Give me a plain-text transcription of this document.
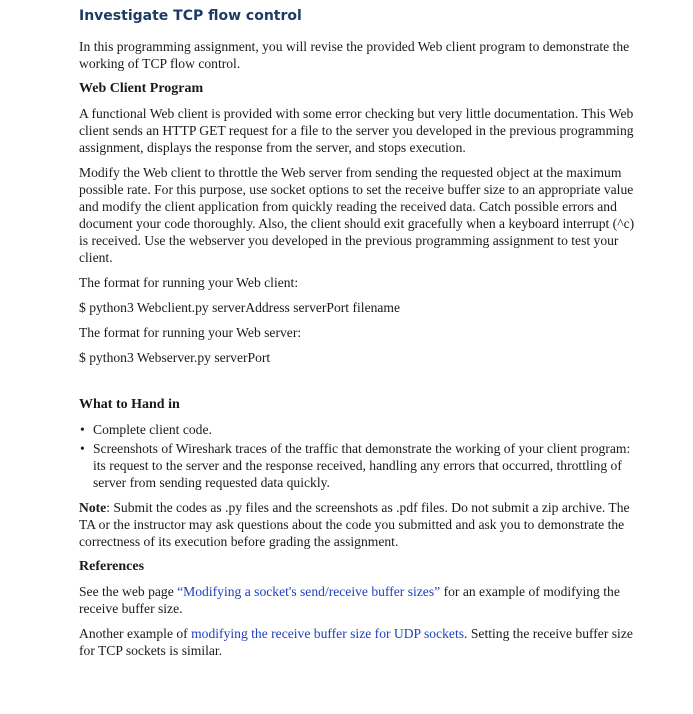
Investigate TCP flow control

In this programming assignment, you will revise the provided Web client program to demonstrate the working of TCP flow control.

Web Client Program

A functional Web client is provided with some error checking but very little documentation. This Web client sends an HTTP GET request for a file to the server you developed in the previous programming assignment, displays the response from the server, and stops execution.

Modify the Web client to throttle the Web server from sending the requested object at the maximum possible rate. For this purpose, use socket options to set the receive buffer size to an appropriate value and modify the client application from quickly reading the received data. Catch possible errors and document your code thoroughly. Also, the client should exit gracefully when a keyboard interrupt (^c) is received. Use the webserver you developed in the previous programming assignment to test your client.

The format for running your Web client:

$ python3 Webclient.py serverAddress serverPort filename

The format for running your Web server:

$ python3 Webserver.py serverPort

What to Hand in
• Complete client code.
• Screenshots of Wireshark traces of the traffic that demonstrate the working of your client program: its request to the server and the response received, handling any errors that occurred, throttling of server from sending requested data quickly.

Note: Submit the codes as .py files and the screenshots as .pdf files. Do not submit a zip archive. The TA or the instructor may ask questions about the code you submitted and ask you to demonstrate the correctness of its execution before grading the assignment.

References

See the web page “Modifying a socket's send/receive buffer sizes” for an example of modifying the receive buffer size.

Another example of modifying the receive buffer size for UDP sockets. Setting the receive buffer size for TCP sockets is similar.
